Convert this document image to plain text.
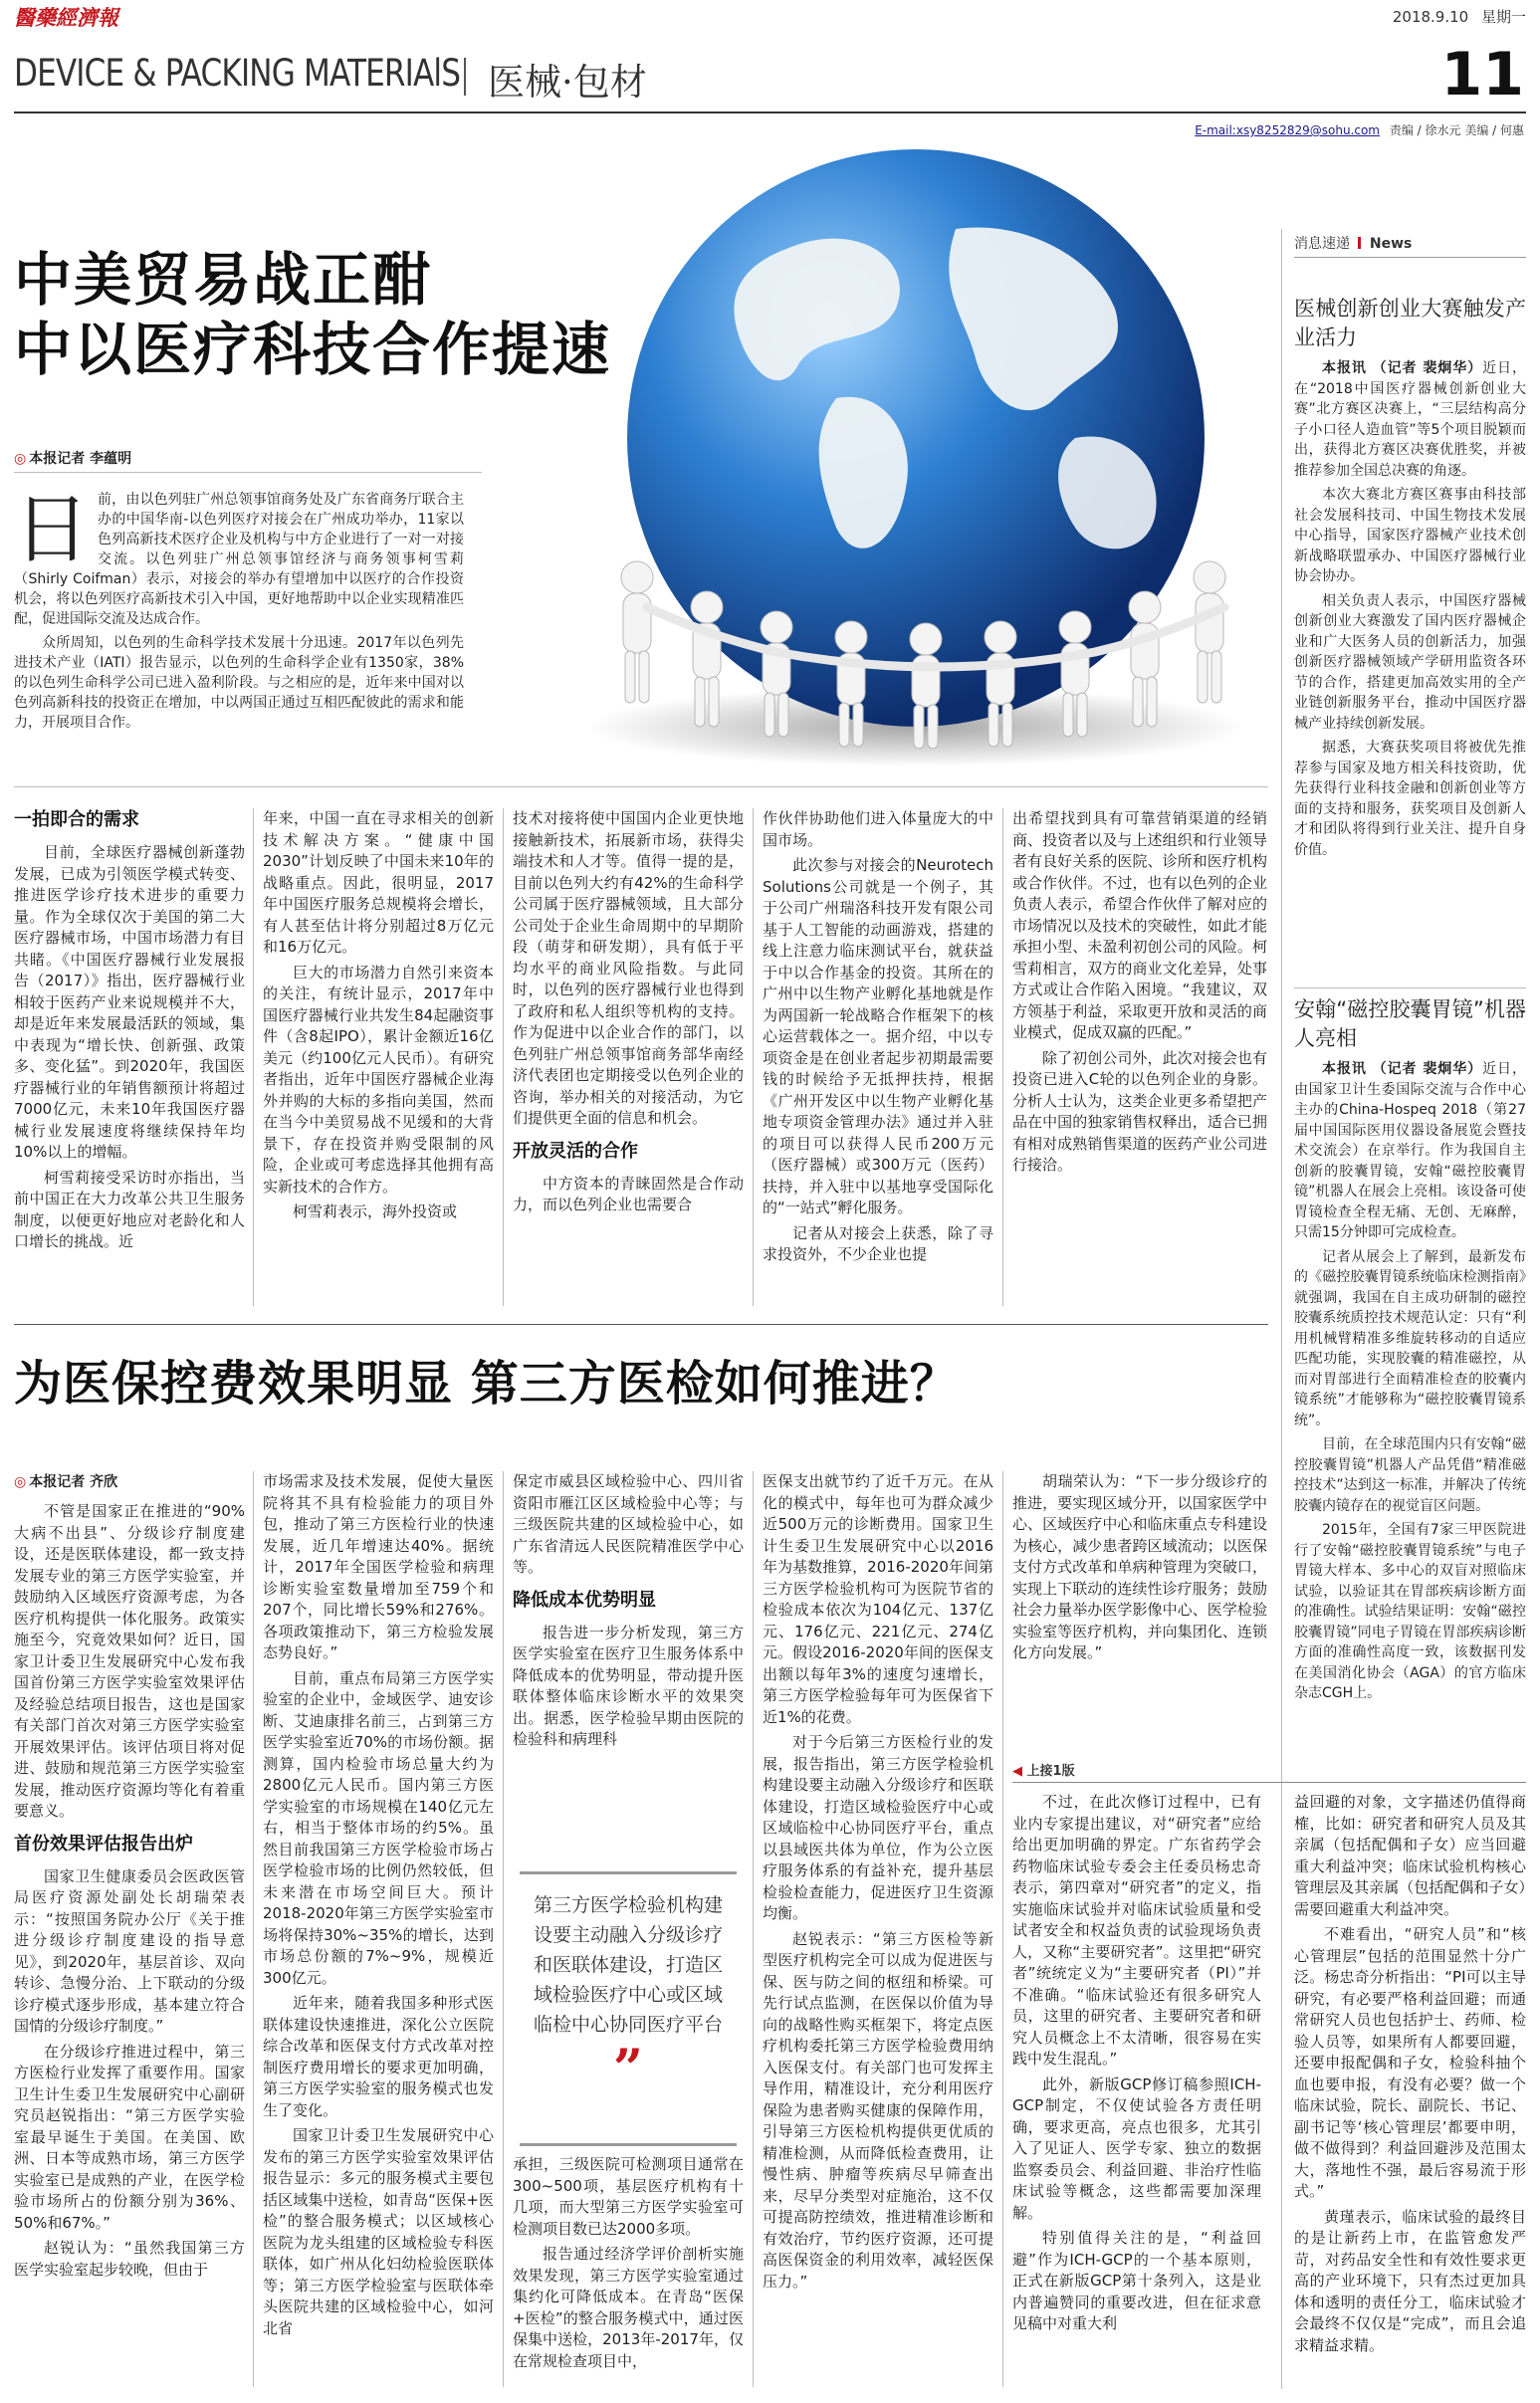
醫藥經濟報	2018.9.10 星期一
DEVICE & PACKING MATERIAlS 医械·包材	11
E-mail:xsy8252829@sohu.com 责编 / 徐水元 美编 / 何惠
中美贸易战正酣
中以医疗科技合作提速
◎ 本报记者 李蕴明
日 前，由以色列驻广州总领事馆商务处及广东省商务厅联合主办的中国华南-以色列医疗对接会在广州成功举办，11家以色列高新技术医疗企业及机构与中方企业进行了一对一对接交流。以色列驻广州总领事馆经济与商务领事柯雪莉（Shirly Coifman）表示，对接会的举办有望增加中以医疗的合作投资机会，将以色列医疗高新技术引入中国，更好地帮助中以企业实现精准匹配，促进国际交流及达成合作。

众所周知，以色列的生命科学技术发展十分迅速。2017年以色列先进技术产业（IATI）报告显示，以色列的生命科学企业有1350家，38%的以色列生命科学公司已进入盈利阶段。与之相应的是，近年来中国对以色列高新科技的投资正在增加，中以两国正通过互相匹配彼此的需求和能力，开展项目合作。

消息速递 News
医械创新创业大赛触发产业活力

本报讯 （记者 裴炯华）近日，在“2018中国医疗器械创新创业大赛”北方赛区决赛上，“三层结构高分子小口径人造血管”等5个项目脱颖而出，获得北方赛区决赛优胜奖，并被推荐参加全国总决赛的角逐。

本次大赛北方赛区赛事由科技部社会发展科技司、中国生物技术发展中心指导，国家医疗器械产业技术创新战略联盟承办、中国医疗器械行业协会协办。

相关负责人表示，中国医疗器械创新创业大赛激发了国内医疗器械企业和广大医务人员的创新活力，加强创新医疗器械领域产学研用监资各环节的合作，搭建更加高效实用的全产业链创新服务平台，推动中国医疗器械产业持续创新发展。

据悉，大赛获奖项目将被优先推荐参与国家及地方相关科技资助，优先获得行业科技金融和创新创业等方面的支持和服务，获奖项目及创新人才和团队将得到行业关注、提升自身价值。

安翰“磁控胶囊胃镜”机器人亮相

本报讯 （记者 裴炯华）近日，由国家卫计生委国际交流与合作中心主办的China-Hospeq 2018（第27届中国国际医用仪器设备展览会暨技术交流会）在京举行。作为我国自主创新的胶囊胃镜，安翰“磁控胶囊胃镜”机器人在展会上亮相。该设备可使胃镜检查全程无痛、无创、无麻醉，只需15分钟即可完成检查。

记者从展会上了解到，最新发布的《磁控胶囊胃镜系统临床检测指南》就强调，我国在自主成功研制的磁控胶囊系统质控技术规范认定：只有“利用机械臂精准多维旋转移动的自适应匹配功能，实现胶囊的精准磁控，从而对胃部进行全面精准检查的胶囊内镜系统”才能够称为“磁控胶囊胃镜系统”。

目前，在全球范围内只有安翰“磁控胶囊胃镜”机器人产品凭借“精准磁控技术”达到这一标准，并解决了传统胶囊内镜存在的视觉盲区问题。

2015年，全国有7家三甲医院进行了安翰“磁控胶囊胃镜系统”与电子胃镜大样本、多中心的双盲对照临床试验，以验证其在胃部疾病诊断方面的准确性。试验结果证明：安翰“磁控胶囊胃镜”同电子胃镜在胃部疾病诊断方面的准确性高度一致，该数据刊发在美国消化协会（AGA）的官方临床杂志CGH上。

一拍即合的需求

目前，全球医疗器械创新蓬勃发展，已成为引领医学模式转变、推进医学诊疗技术进步的重要力量。作为全球仅次于美国的第二大医疗器械市场，中国市场潜力有目共睹。《中国医疗器械行业发展报告（2017）》指出，医疗器械行业相较于医药产业来说规模并不大，却是近年来发展最活跃的领域，集中表现为“增长快、创新强、政策多、变化猛”。到2020年，我国医疗器械行业的年销售额预计将超过7000亿元，未来10年我国医疗器械行业发展速度将继续保持年均10%以上的增幅。

柯雪莉接受采访时亦指出，当前中国正在大力改革公共卫生服务制度，以便更好地应对老龄化和人口增长的挑战。近

年来，中国一直在寻求相关的创新技术解决方案。“健康中国2030”计划反映了中国未来10年的战略重点。因此，很明显，2017年中国医疗服务总规模将会增长，有人甚至估计将分别超过8万亿元和16万亿元。

巨大的市场潜力自然引来资本的关注，有统计显示，2017年中国医疗器械行业共发生84起融资事件（含8起IPO），累计金额近16亿美元（约100亿元人民币）。有研究者指出，近年中国医疗器械企业海外并购的大标的多指向美国，然而在当今中美贸易战不见缓和的大背景下，存在投资并购受限制的风险，企业或可考虑选择其他拥有高实新技术的合作方。

柯雪莉表示，海外投资或

技术对接将使中国国内企业更快地接触新技术，拓展新市场，获得尖端技术和人才等。值得一提的是，目前以色列大约有42%的生命科学公司属于医疗器械领域，且大部分公司处于企业生命周期中的早期阶段（萌芽和研发期），具有低于平均水平的商业风险指数。与此同时，以色列的医疗器械行业也得到了政府和私人组织等机构的支持。作为促进中以企业合作的部门，以色列驻广州总领事馆商务部华南经济代表团也定期接受以色列企业的咨询，举办相关的对接活动，为它们提供更全面的信息和机会。

开放灵活的合作

中方资本的青睐固然是合作动力，而以色列企业也需要合

作伙伴协助他们进入体量庞大的中国市场。

此次参与对接会的Neurotech Solutions公司就是一个例子，其于公司广州瑞洛科技开发有限公司基于人工智能的动画游戏，搭建的线上注意力临床测试平台，就获益于中以合作基金的投资。其所在的广州中以生物产业孵化基地就是作为两国新一轮战略合作框架下的核心运营载体之一。据介绍，中以专项资金是在创业者起步初期最需要钱的时候给予无抵押扶持，根据《广州开发区中以生物产业孵化基地专项资金管理办法》通过并入驻的项目可以获得人民币200万元（医疗器械）或300万元（医药）扶持，并入驻中以基地享受国际化的“一站式”孵化服务。

记者从对接会上获悉，除了寻求投资外，不少企业也提

出希望找到具有可靠营销渠道的经销商、投资者以及与上述组织和行业领导者有良好关系的医院、诊所和医疗机构或合作伙伴。不过，也有以色列的企业负责人表示，希望合作伙伴了解对应的市场情况以及技术的突破性，如此才能承担小型、未盈利初创公司的风险。柯雪莉相言，双方的商业文化差异，处事方式或让合作陷入困境。“我建议，双方领基于利益，采取更开放和灵活的商业模式，促成双赢的匹配。”

除了初创公司外，此次对接会也有投资已进入C轮的以色列企业的身影。分析人士认为，这类企业更多希望把产品在中国的独家销售权释出，适合已拥有相对成熟销售渠道的医药产业公司进行接洽。

为医保控费效果明显 第三方医检如何推进？
◎ 本报记者 齐欣

不管是国家正在推进的“90%大病不出县”、分级诊疗制度建设，还是医联体建设，都一致支持发展专业的第三方医学实验室，并鼓励纳入区域医疗资源考虑，为各医疗机构提供一体化服务。政策实施至今，究竟效果如何？近日，国家卫计委卫生发展研究中心发布我国首份第三方医学实验室效果评估及经验总结项目报告，这也是国家有关部门首次对第三方医学实验室开展效果评估。该评估项目将对促进、鼓励和规范第三方医学实验室发展，推动医疗资源均等化有着重要意义。

首份效果评估报告出炉

国家卫生健康委员会医政医管局医疗资源处副处长胡瑞荣表示：“按照国务院办公厅《关于推进分级诊疗制度建设的指导意见》，到2020年，基层首诊、双向转诊、急慢分治、上下联动的分级诊疗模式逐步形成，基本建立符合国情的分级诊疗制度。”

在分级诊疗推进过程中，第三方医检行业发挥了重要作用。国家卫生计生委卫生发展研究中心副研究员赵锐指出：“第三方医学实验室最早诞生于美国。在美国、欧洲、日本等成熟市场，第三方医学实验室已是成熟的产业，在医学检验市场所占的份额分别为36%、50%和67%。”

赵锐认为：“虽然我国第三方医学实验室起步较晚，但由于

市场需求及技术发展，促使大量医院将其不具有检验能力的项目外包，推动了第三方医检行业的快速发展，近几年增速达40%。据统计，2017年全国医学检验和病理诊断实验室数量增加至759个和207个，同比增长59%和276%。各项政策推动下，第三方检验发展态势良好。”

目前，重点布局第三方医学实验室的企业中，金域医学、迪安诊断、艾迪康排名前三，占到第三方医学实验室近70%的市场份额。据测算，国内检验市场总量大约为2800亿元人民币。国内第三方医学实验室的市场规模在140亿元左右，相当于整体市场的约5%。虽然目前我国第三方医学检验市场占医学检验市场的比例仍然较低，但未来潜在市场空间巨大。预计2018-2020年第三方医学实验室市场将保持30%~35%的增长，达到市场总份额的7%~9%，规模近300亿元。

近年来，随着我国多种形式医联体建设快速推进，深化公立医院综合改革和医保支付方式改革对控制医疗费用增长的要求更加明确，第三方医学实验室的服务模式也发生了变化。

国家卫计委卫生发展研究中心发布的第三方医学实验室效果评估报告显示：多元的服务模式主要包括区域集中送检，如青岛“医保+医检”的整合服务模式；以区域核心医院为龙头组建的区域检验专科医联体，如广州从化妇幼检验医联体等；第三方医学检验室与医联体牵头医院共建的区域检验中心，如河北省

保定市威县区域检验中心、四川省资阳市雁江区区域检验中心等；与三级医院共建的区域检验中心，如广东省清远人民医院精准医学中心等。

降低成本优势明显

报告进一步分析发现，第三方医学实验室在医疗卫生服务体系中降低成本的优势明显，带动提升医联体整体临床诊断水平的效果突出。据悉，医学检验早期由医院的检验科和病理科

第三方医学检验机构建设要主动融入分级诊疗和医联体建设，打造区域检验医疗中心或区域临检中心协同医疗平台
”

承担，三级医院可检测项目通常在300~500项，基层医疗机构有十几项，而大型第三方医学实验室可检测项目数已达2000多项。

报告通过经济学评价剖析实施效果发现，第三方医学实验室通过集约化可降低成本。在青岛“医保+医检”的整合服务模式中，通过医保集中送检，2013年-2017年，仅在常规检查项目中，

医保支出就节约了近千万元。在从化的模式中，每年也可为群众减少近500万元的诊断费用。国家卫生计生委卫生发展研究中心以2016年为基数推算，2016-2020年间第三方医学检验机构可为医院节省的检验成本依次为104亿元、137亿元、176亿元、221亿元、274亿元。假设2016-2020年间的医保支出额以每年3%的速度匀速增长，第三方医学检验每年可为医保省下近1%的花费。

对于今后第三方医检行业的发展，报告指出，第三方医学检验机构建设要主动融入分级诊疗和医联体建设，打造区域检验医疗中心或区域临检中心协同医疗平台，重点以县域医共体为单位，作为公立医疗服务体系的有益补充，提升基层检验检查能力，促进医疗卫生资源均衡。

赵锐表示：“第三方医检等新型医疗机构完全可以成为促进医与保、医与防之间的枢纽和桥梁。可先行试点监测，在医保以价值为导向的战略性购买框架下，将定点医疗机构委托第三方医学检验费用纳入医保支付。有关部门也可发挥主导作用，精准设计，充分利用医疗保险为患者购买健康的保障作用，引导第三方医检机构提供更优质的精准检测，从而降低检查费用，让慢性病、肿瘤等疾病尽早筛查出来，尽早分类型对症施治，这不仅可提高防控绩效，推进精准诊断和有效治疗，节约医疗资源，还可提高医保资金的利用效率，减轻医保压力。”

胡瑞荣认为：“下一步分级诊疗的推进，要实现区域分开，以国家医学中心、区域医疗中心和临床重点专科建设为核心，减少患者跨区域流动；以医保支付方式改革和单病种管理为突破口，实现上下联动的连续性诊疗服务；鼓励社会力量举办医学影像中心、医学检验实验室等医疗机构，并向集团化、连锁化方向发展。”

◀ 上接1版

不过，在此次修订过程中，已有业内专家提出建议，对“研究者”应给给出更加明确的界定。广东省药学会药物临床试验专委会主任委员杨忠奇表示，第四章对“研究者”的定义，指实施临床试验并对临床试验质量和受试者安全和权益负责的试验现场负责人，又称“主要研究者”。这里把“研究者”统统定义为“主要研究者（PI）”并不准确。“临床试验还有很多研究人员，这里的研究者、主要研究者和研究人员概念上不太清晰，很容易在实践中发生混乱。”

此外，新版GCP修订稿参照ICH-GCP制定，不仅使试验各方责任明确，要求更高，亮点也很多，尤其引入了见证人、医学专家、独立的数据监察委员会、利益回避、非治疗性临床试验等概念，这些都需要加深理解。

特别值得关注的是，“利益回避”作为ICH-GCP的一个基本原则，正式在新版GCP第十条列入，这是业内普遍赞同的重要改进，但在征求意见稿中对重大利

益回避的对象，文字描述仍值得商榷，比如：研究者和研究人员及其亲属（包括配偶和子女）应当回避重大利益冲突；临床试验机构核心管理层及其亲属（包括配偶和子女）需要回避重大利益冲突。

不难看出，“研究人员”和“核心管理层”包括的范围显然十分广泛。杨忠奇分析指出：“PI可以主导研究，有必要严格利益回避；而通常研究人员也包括护士、药师、检验人员等，如果所有人都要回避，还要申报配偶和子女，检验科抽个血也要申报，有没有必要？做一个临床试验，院长、副院长、书记、副书记等‘核心管理层’都要申明，做不做得到？利益回避涉及范围太大，落地性不强，最后容易流于形式。”

黄瑾表示，临床试验的最终目的是让新药上市，在监管愈发严苛，对药品安全性和有效性要求更高的产业环境下，只有杰过更加具体和透明的责任分工，临床试验才会最终不仅仅是“完成”，而且会追求精益求精。
